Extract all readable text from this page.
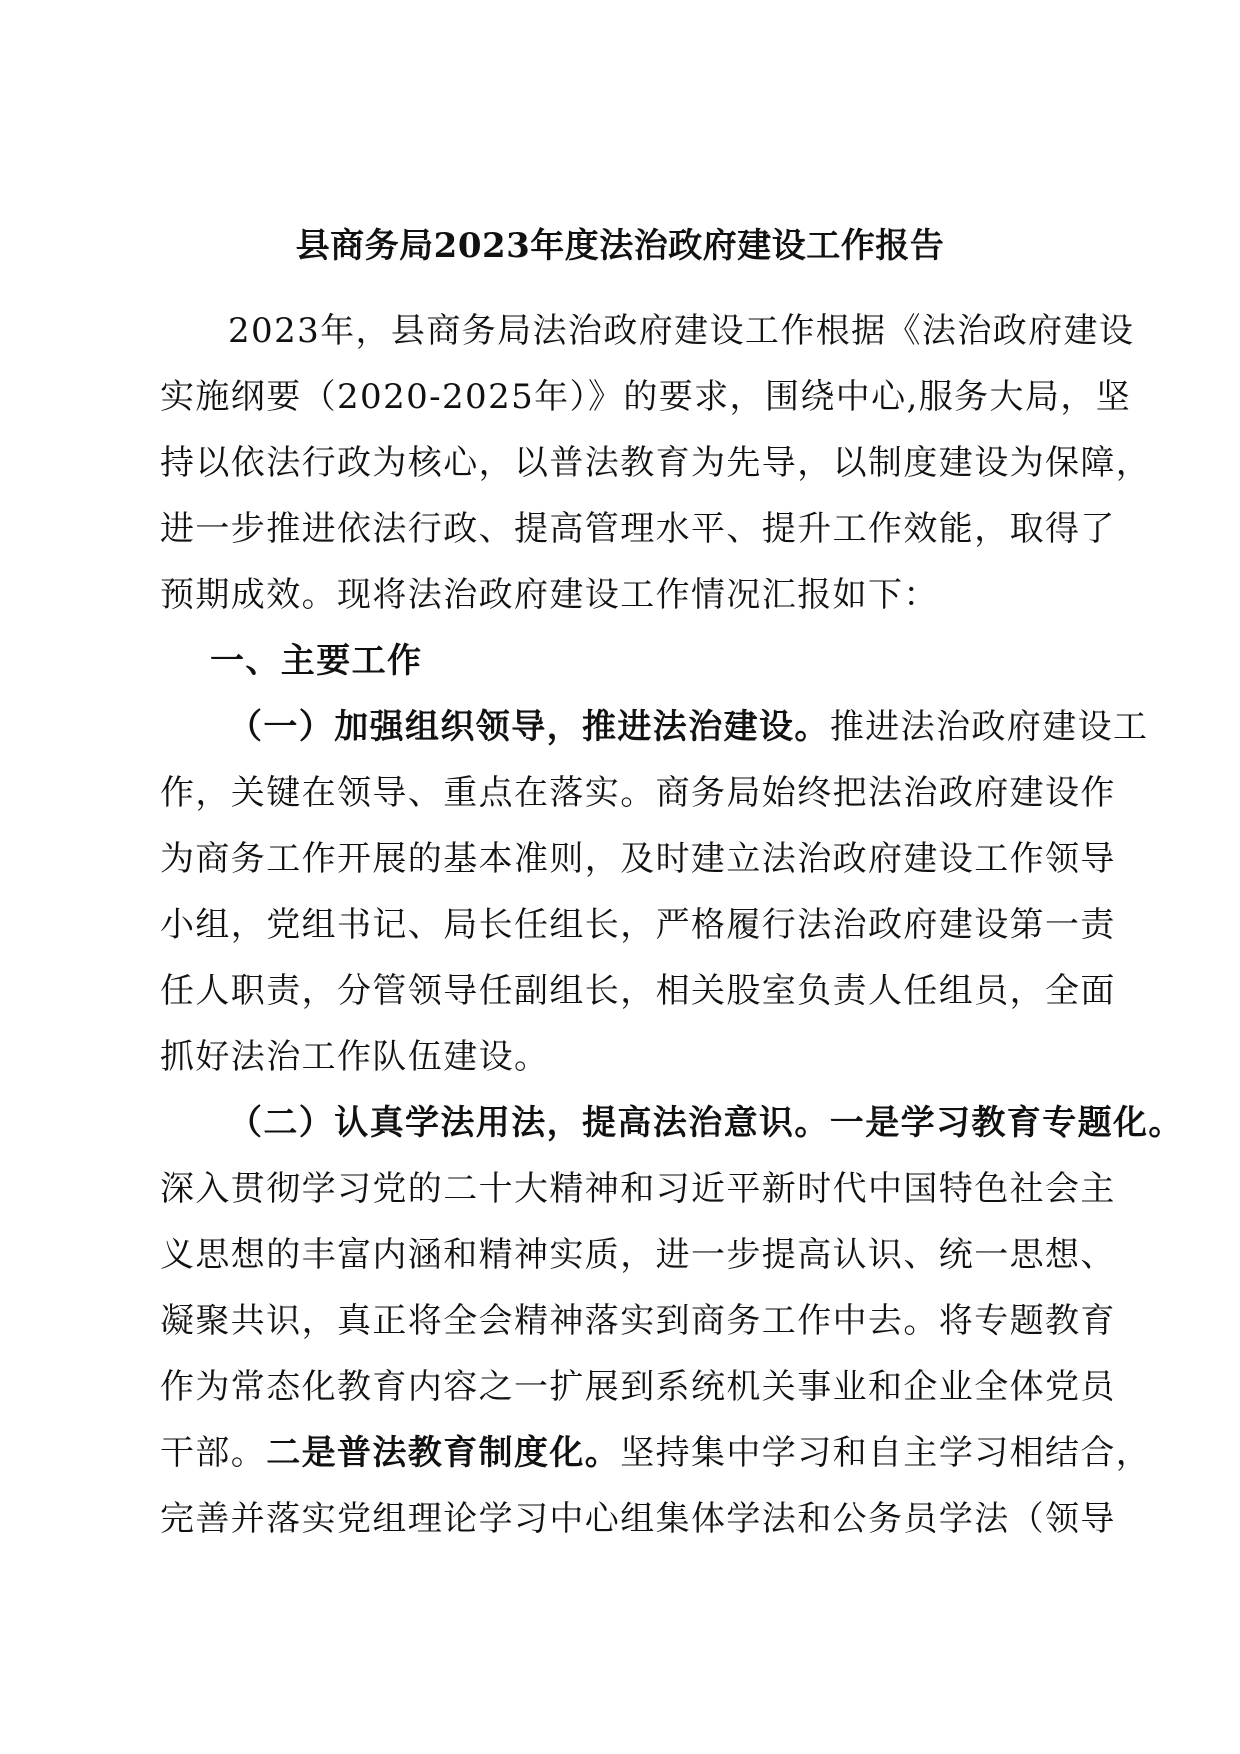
县商务局2023年度法治政府建设工作报告
2023年，县商务局法治政府建设工作根据《法治政府建设
实施纲要（2020-2025年）》的要求，围绕中心,服务大局，坚
持以依法行政为核心，以普法教育为先导，以制度建设为保障，
进一步推进依法行政、提高管理水平、提升工作效能，取得了
预期成效。现将法治政府建设工作情况汇报如下：
一、主要工作
（一）加强组织领导，推进法治建设。推进法治政府建设工
作，关键在领导、重点在落实。商务局始终把法治政府建设作
为商务工作开展的基本准则，及时建立法治政府建设工作领导
小组，党组书记、局长任组长，严格履行法治政府建设第一责
任人职责，分管领导任副组长，相关股室负责人任组员，全面
抓好法治工作队伍建设。
（二）认真学法用法，提高法治意识。一是学习教育专题化。
深入贯彻学习党的二十大精神和习近平新时代中国特色社会主
义思想的丰富内涵和精神实质，进一步提高认识、统一思想、
凝聚共识，真正将全会精神落实到商务工作中去。将专题教育
作为常态化教育内容之一扩展到系统机关事业和企业全体党员
干部。二是普法教育制度化。坚持集中学习和自主学习相结合，
完善并落实党组理论学习中心组集体学法和公务员学法（领导
